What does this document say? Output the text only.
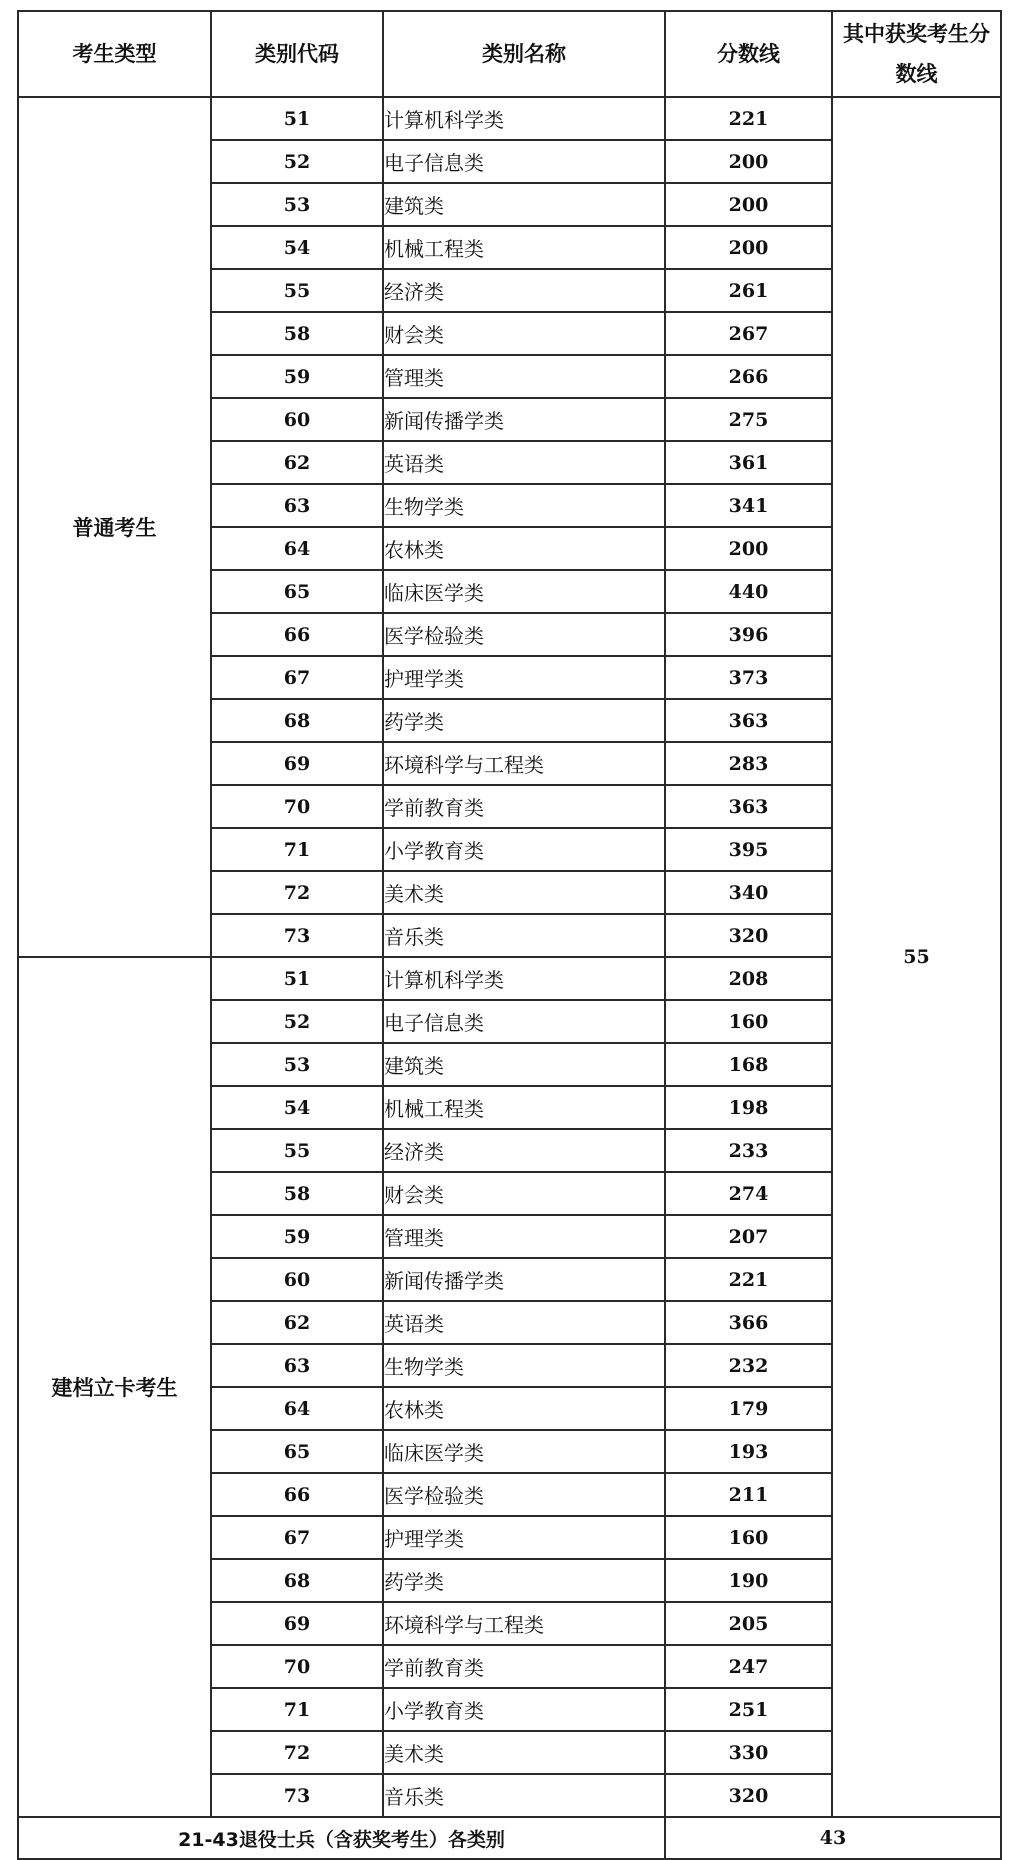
考生类型	类别代码	类别名称	分数线	其中获奖考生分数线
普通考生	51	计算机科学类	221	55
	52	电子信息类	200	
	53	建筑类	200	
	54	机械工程类	200	
	55	经济类	261	
	58	财会类	267	
	59	管理类	266	
	60	新闻传播学类	275	
	62	英语类	361	
	63	生物学类	341	
	64	农林类	200	
	65	临床医学类	440	
	66	医学检验类	396	
	67	护理学类	373	
	68	药学类	363	
	69	环境科学与工程类	283	
	70	学前教育类	363	
	71	小学教育类	395	
	72	美术类	340	
	73	音乐类	320	
建档立卡考生	51	计算机科学类	208	
	52	电子信息类	160	
	53	建筑类	168	
	54	机械工程类	198	
	55	经济类	233	
	58	财会类	274	
	59	管理类	207	
	60	新闻传播学类	221	
	62	英语类	366	
	63	生物学类	232	
	64	农林类	179	
	65	临床医学类	193	
	66	医学检验类	211	
	67	护理学类	160	
	68	药学类	190	
	69	环境科学与工程类	205	
	70	学前教育类	247	
	71	小学教育类	251	
	72	美术类	330	
	73	音乐类	320	
21-43退役士兵（含获奖考生）各类别			43	
